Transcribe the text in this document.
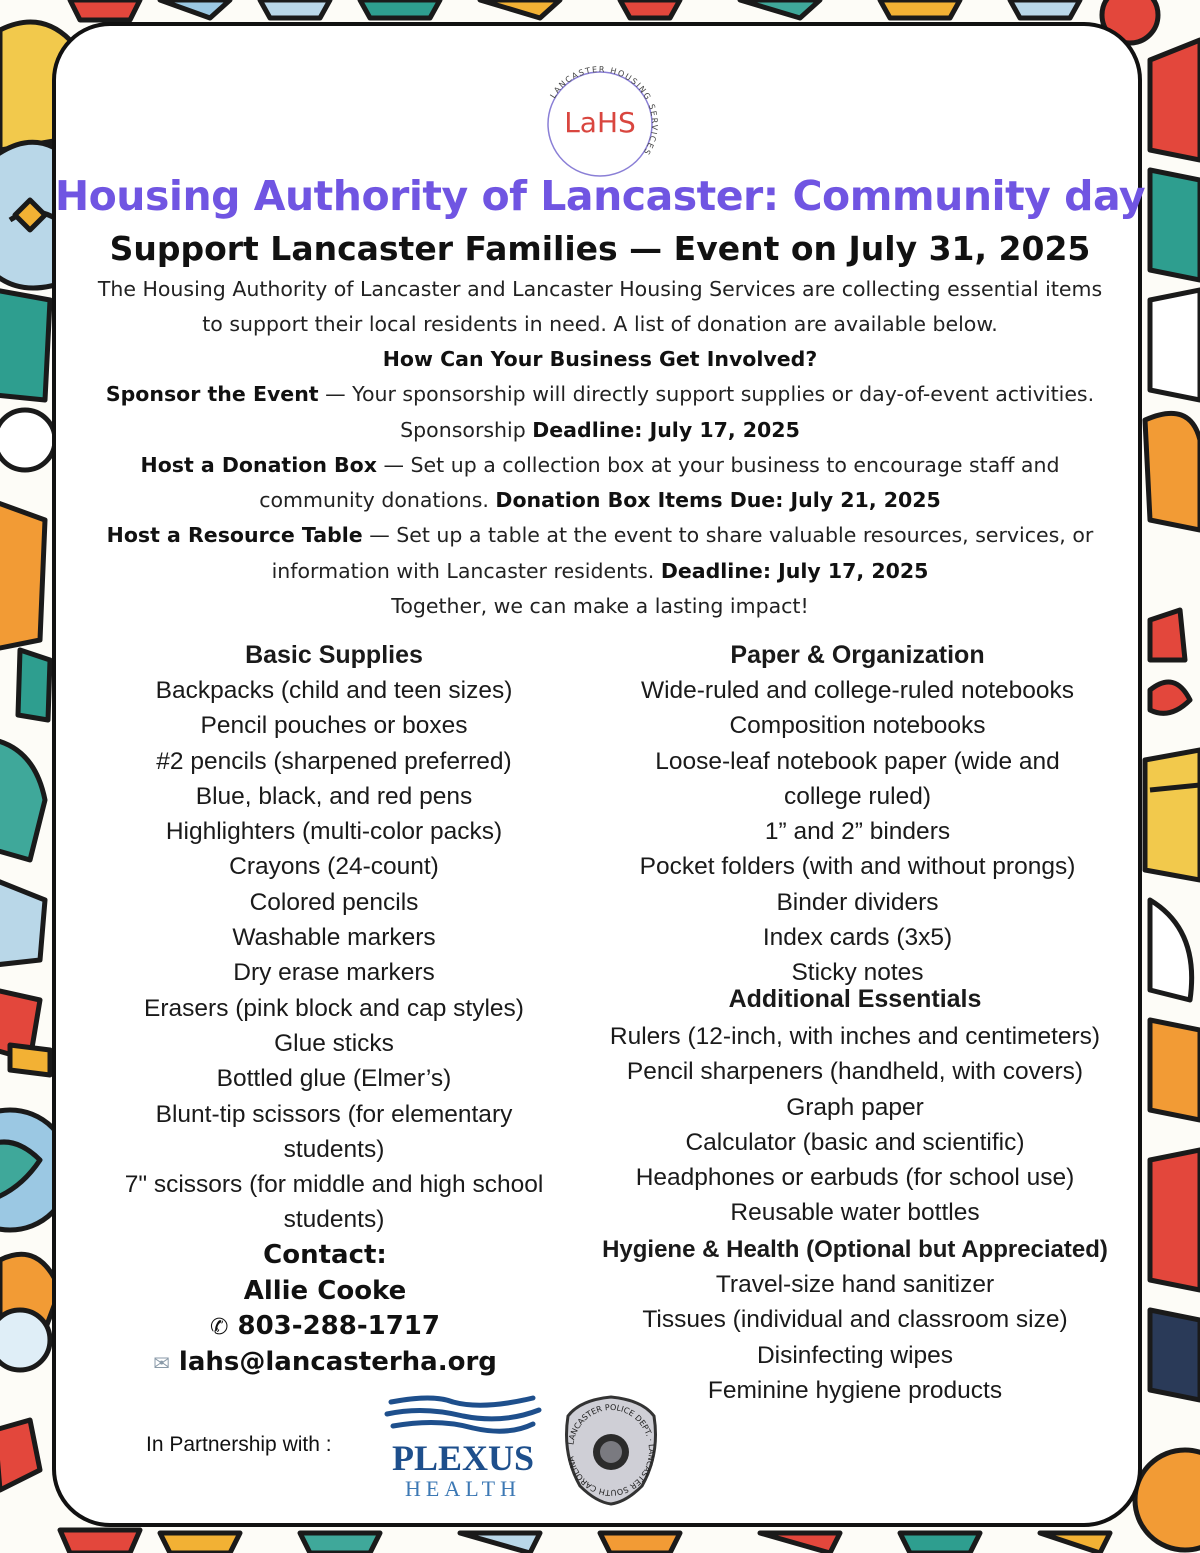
LANCASTER HOUSING SERVICES
LaHS
Housing Authority of Lancaster: Community day
Support Lancaster Families — Event on July 31, 2025
The Housing Authority of Lancaster and Lancaster Housing Services are collecting essential items
to support their local residents in need. A list of donation are available below.
How Can Your Business Get Involved?
Sponsor the Event — Your sponsorship will directly support supplies or day-of-event activities.
Sponsorship Deadline: July 17, 2025
Host a Donation Box — Set up a collection box at your business to encourage staff and
community donations. Donation Box Items Due: July 21, 2025
Host a Resource Table — Set up a table at the event to share valuable resources, services, or
information with Lancaster residents. Deadline: July 17, 2025
Together, we can make a lasting impact!
Basic Supplies
Backpacks (child and teen sizes)
Pencil pouches or boxes
#2 pencils (sharpened preferred)
Blue, black, and red pens
Highlighters (multi-color packs)
Crayons (24-count)
Colored pencils
Washable markers
Dry erase markers
Erasers (pink block and cap styles)
Glue sticks
Bottled glue (Elmer’s)
Blunt-tip scissors (for elementary students)
7" scissors (for middle and high school students)
Paper & Organization
Wide-ruled and college-ruled notebooks
Composition notebooks
Loose-leaf notebook paper (wide and college ruled)
1” and 2” binders
Pocket folders (with and without prongs)
Binder dividers
Index cards (3x5)
Sticky notes
Additional Essentials
Rulers (12-inch, with inches and centimeters)
Pencil sharpeners (handheld, with covers)
Graph paper
Calculator (basic and scientific)
Headphones or earbuds (for school use)
Reusable water bottles
Hygiene & Health (Optional but Appreciated)
Travel-size hand sanitizer
Tissues (individual and classroom size)
Disinfecting wipes
Feminine hygiene products
Contact:
Allie Cooke
✆ 803-288-1717
✉ lahs@lancasterha.org
In Partnership with : PLEXUS
HEALTH
LANCASTER POLICE DEPT. · LANCASTER SOUTH CAROLINA
